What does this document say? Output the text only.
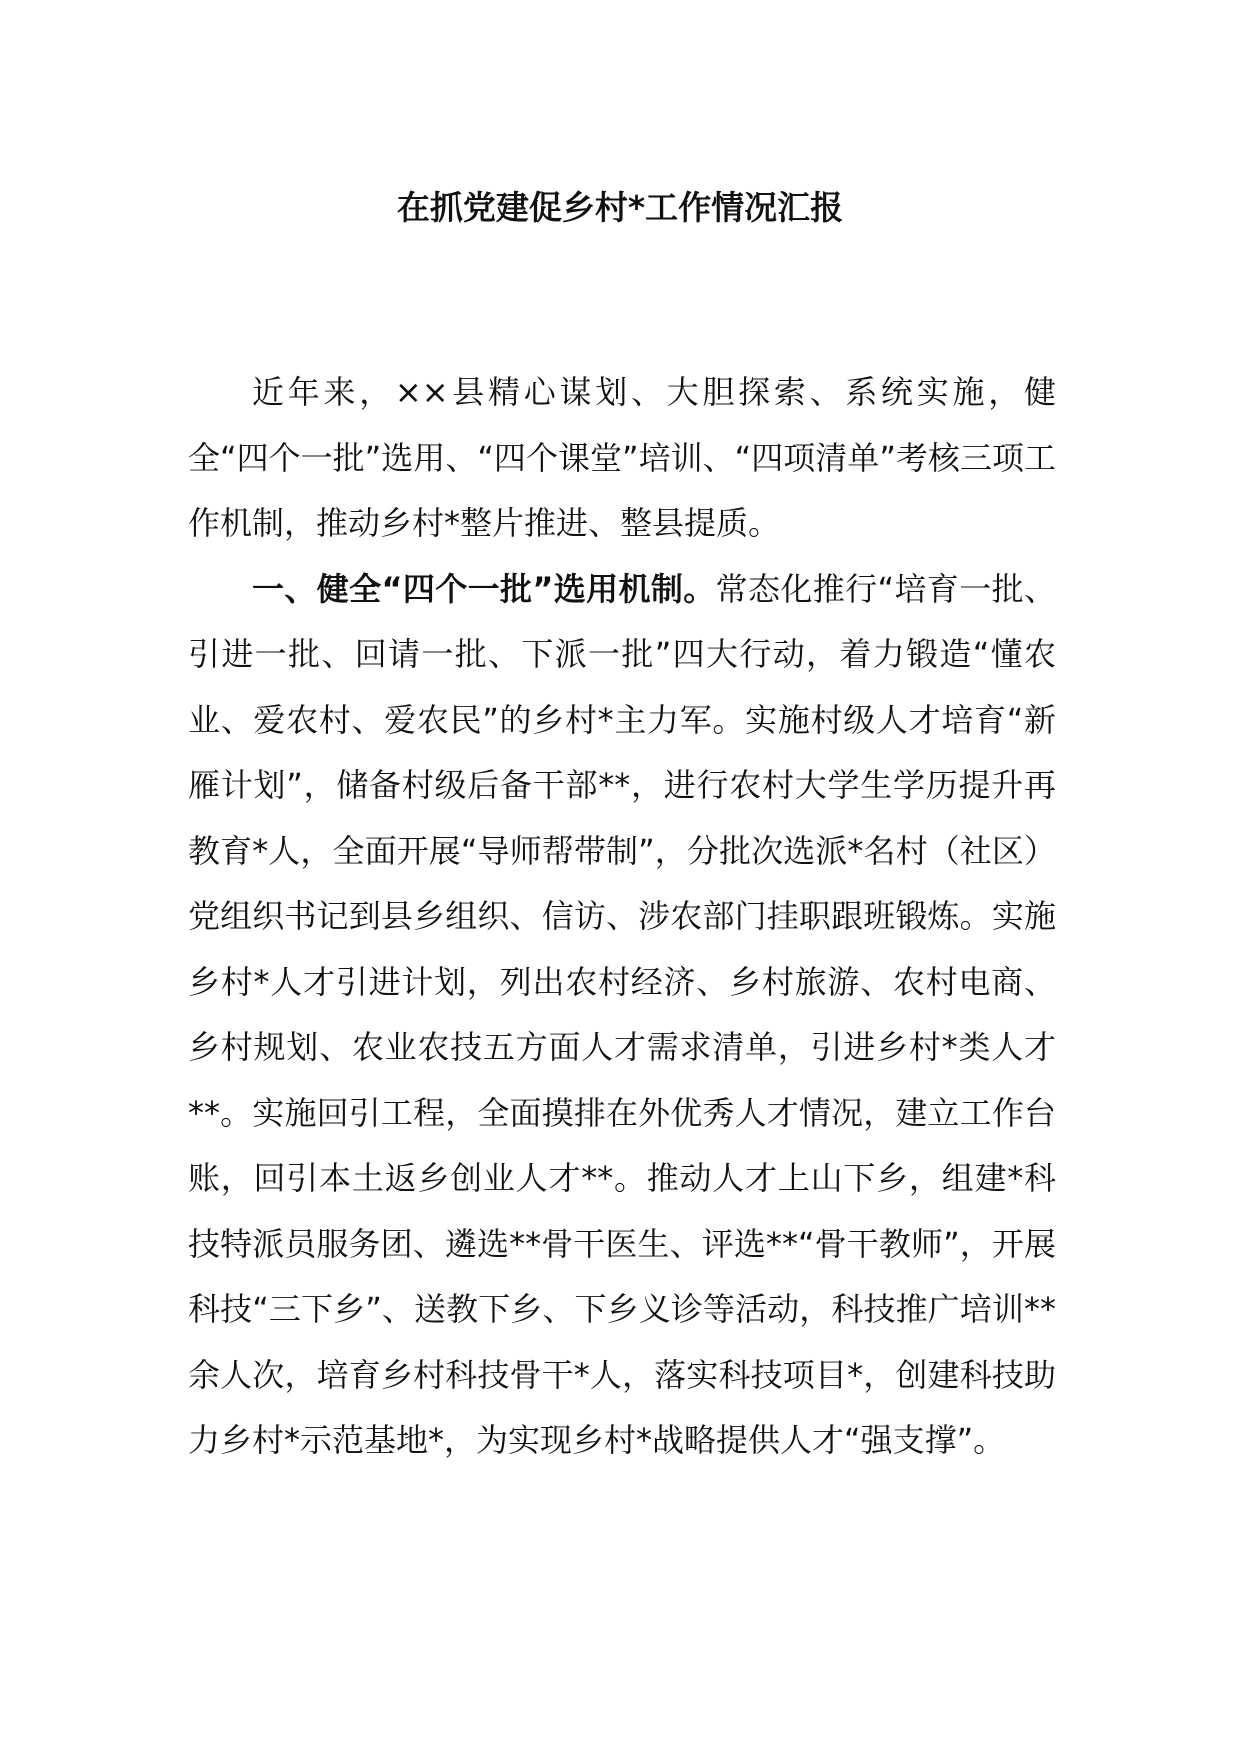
在抓党建促乡村*工作情况汇报

近年来，××县精心谋划、大胆探索、系统实施，健全“四个一批”选用、“四个课堂”培训、“四项清单”考核三项工作机制，推动乡村*整片推进、整县提质。

一、健全“四个一批”选用机制。常态化推行“培育一批、引进一批、回请一批、下派一批”四大行动，着力锻造“懂农业、爱农村、爱农民”的乡村*主力军。实施村级人才培育“新雁计划”，储备村级后备干部**，进行农村大学生学历提升再教育*人，全面开展“导师帮带制”，分批次选派*名村（社区）党组织书记到县乡组织、信访、涉农部门挂职跟班锻炼。实施乡村*人才引进计划，列出农村经济、乡村旅游、农村电商、乡村规划、农业农技五方面人才需求清单，引进乡村*类人才**。实施回引工程，全面摸排在外优秀人才情况，建立工作台账，回引本土返乡创业人才**。推动人才上山下乡，组建*科技特派员服务团、遴选**骨干医生、评选**“骨干教师”，开展科技“三下乡”、送教下乡、下乡义诊等活动，科技推广培训**余人次，培育乡村科技骨干*人，落实科技项目*，创建科技助力乡村*示范基地*，为实现乡村*战略提供人才“强支撑”。
